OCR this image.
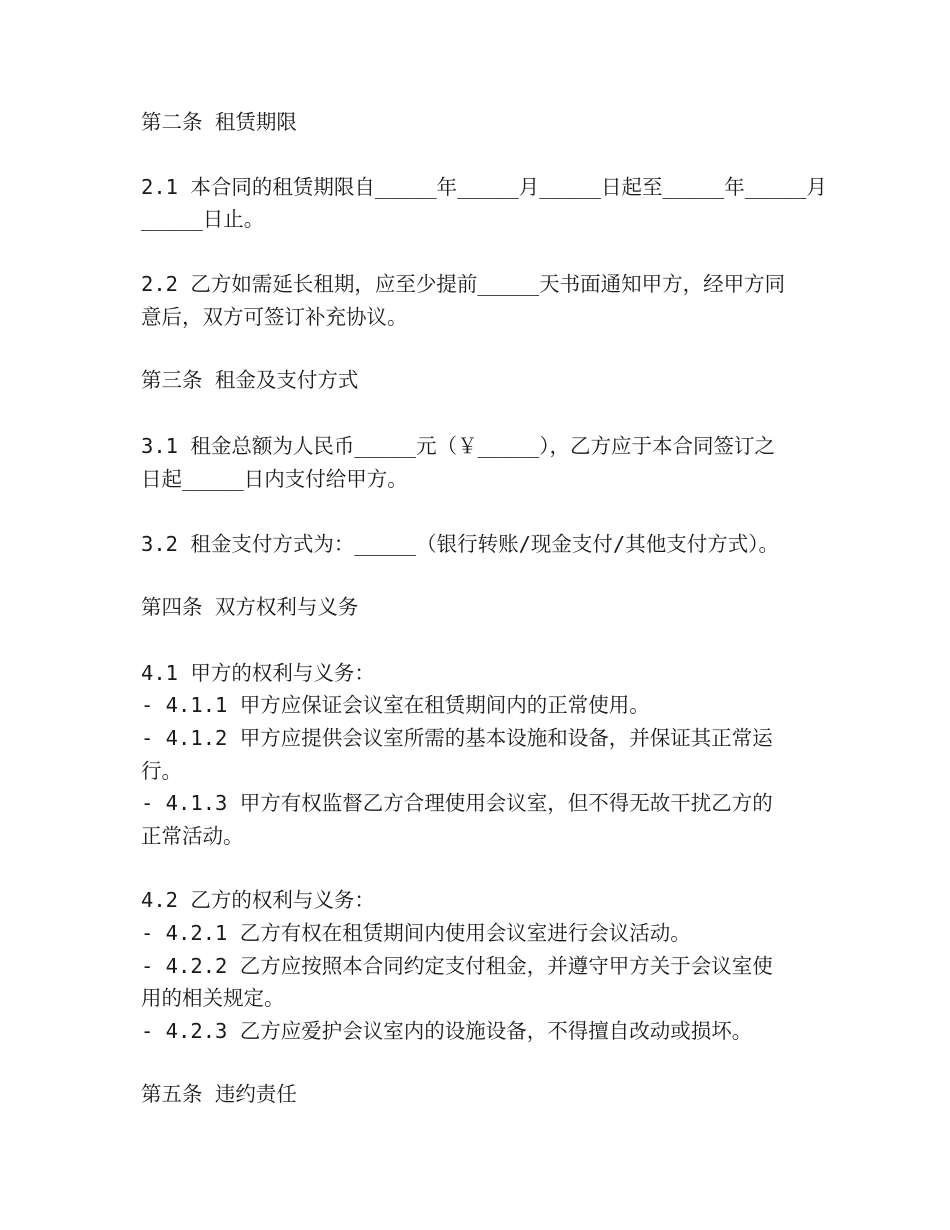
第二条 租赁期限
2.1 本合同的租赁期限自_____年_____月_____日起至_____年_____月
_____日止。
2.2 乙方如需延长租期，应至少提前_____天书面通知甲方，经甲方同
意后，双方可签订补充协议。
第三条 租金及支付方式
3.1 租金总额为人民币_____元（￥_____），乙方应于本合同签订之
日起_____日内支付给甲方。
3.2 租金支付方式为：_____（银行转账/现金支付/其他支付方式）。
第四条 双方权利与义务
4.1 甲方的权利与义务：
- 4.1.1 甲方应保证会议室在租赁期间内的正常使用。
- 4.1.2 甲方应提供会议室所需的基本设施和设备，并保证其正常运
行。
- 4.1.3 甲方有权监督乙方合理使用会议室，但不得无故干扰乙方的
正常活动。
4.2 乙方的权利与义务：
- 4.2.1 乙方有权在租赁期间内使用会议室进行会议活动。
- 4.2.2 乙方应按照本合同约定支付租金，并遵守甲方关于会议室使
用的相关规定。
- 4.2.3 乙方应爱护会议室内的设施设备，不得擅自改动或损坏。
第五条 违约责任
